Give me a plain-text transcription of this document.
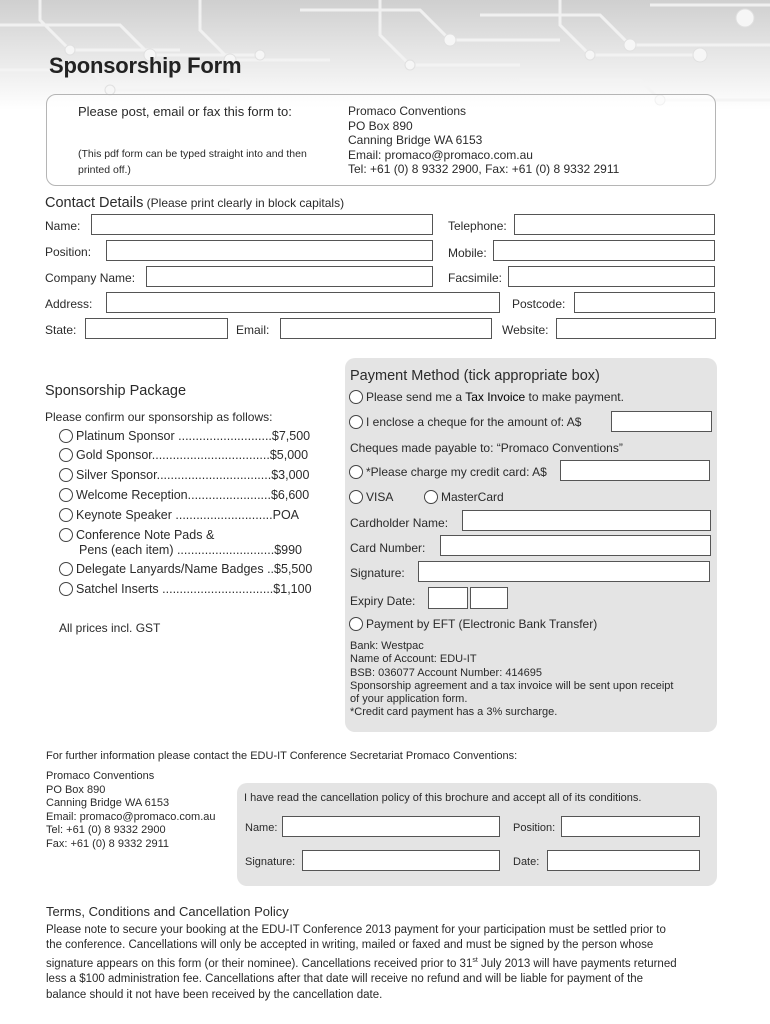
Sponsorship Form
Please post, email or fax this form to:
(This pdf form can be typed straight into and then printed off.)
Promaco Conventions
PO Box 890
Canning Bridge WA 6153
Email: promaco@promaco.com.au
Tel: +61 (0) 8 9332 2900, Fax: +61 (0) 8 9332 2911
Contact Details (Please print clearly in block capitals)
Name:	Telephone:
Position:	Mobile:
Company Name:	Facsimile:
Address:	Postcode:
State:	Email:	Website:
Sponsorship Package
Please confirm our sponsorship as follows:
Platinum Sponsor ...........................$7,500
Gold Sponsor..................................$5,000
Silver Sponsor.................................$3,000
Welcome Reception........................$6,600
Keynote Speaker ............................POA
Conference Note Pads &
Pens (each item) ............................$990
Delegate Lanyards/Name Badges ..$5,500
Satchel Inserts ................................$1,100
All prices incl. GST
Payment Method (tick appropriate box)
Please send me a Tax Invoice to make payment.
I enclose a cheque for the amount of: A$
Cheques made payable to: “Promaco Conventions”
*Please charge my credit card: A$
VISA	MasterCard
Cardholder Name:
Card Number:
Signature:
Expiry Date:
Payment by EFT (Electronic Bank Transfer)
Bank: Westpac
Name of Account: EDU-IT
BSB: 036077 Account Number: 414695
Sponsorship agreement and a tax invoice will be sent upon receipt
of your application form.
*Credit card payment has a 3% surcharge.
For further information please contact the EDU-IT Conference Secretariat Promaco Conventions:
Promaco Conventions
PO Box 890
Canning Bridge WA 6153
Email: promaco@promaco.com.au
Tel: +61 (0) 8 9332 2900
Fax: +61 (0) 8 9332 2911
I have read the cancellation policy of this brochure and accept all of its conditions.
Name:	Position:
Signature:	Date:
Terms, Conditions and Cancellation Policy
Please note to secure your booking at the EDU-IT Conference 2013 payment for your participation must be settled prior to
the conference. Cancellations will only be accepted in writing, mailed or faxed and must be signed by the person whose
signature appears on this form (or their nominee). Cancellations received prior to 31st July 2013 will have payments returned
less a $100 administration fee. Cancellations after that date will receive no refund and will be liable for payment of the
balance should it not have been received by the cancellation date.
